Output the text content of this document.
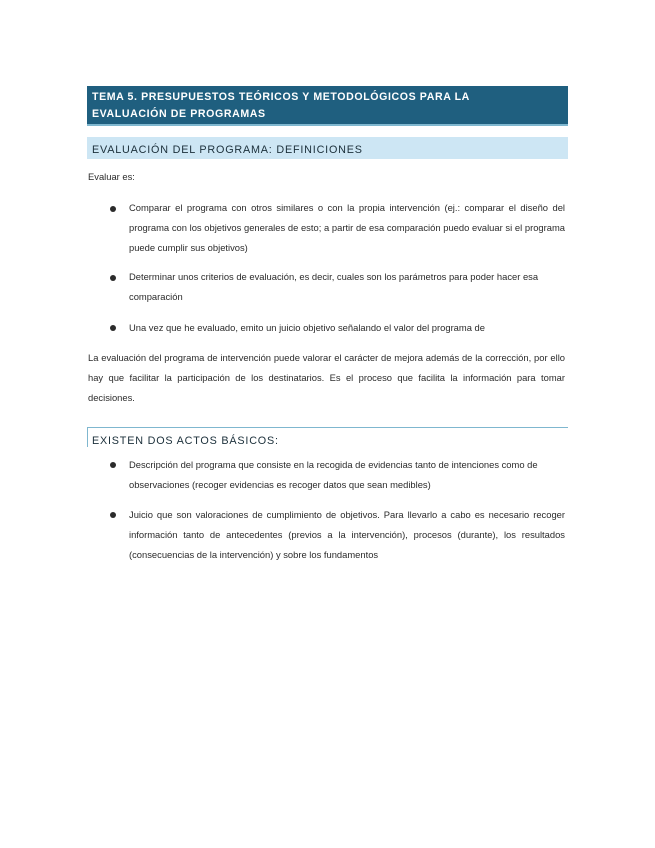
TEMA 5. PRESUPUESTOS TEÓRICOS Y METODOLÓGICOS PARA LA
EVALUACIÓN DE PROGRAMAS
EVALUACIÓN DEL PROGRAMA: DEFINICIONES

Evaluar es:

Comparar el programa con otros similares o con la propia intervención (ej.: comparar el diseño del programa con los objetivos generales de esto; a partir de esa comparación puedo evaluar si el programa puede cumplir sus objetivos)

Determinar unos criterios de evaluación, es decir, cuales son los parámetros para poder hacer esa comparación

Una vez que he evaluado, emito un juicio objetivo señalando el valor del programa de

La evaluación del programa de intervención puede valorar el carácter de mejora además de la corrección, por ello hay que facilitar la participación de los destinatarios. Es el proceso que facilita la información para tomar decisiones.

EXISTEN DOS ACTOS BÁSICOS:

Descripción del programa que consiste en la recogida de evidencias tanto de intenciones como de observaciones (recoger evidencias es recoger datos que sean medibles)

Juicio que son valoraciones de cumplimiento de objetivos. Para llevarlo a cabo es necesario recoger información tanto de antecedentes (previos a la intervención), procesos (durante), los resultados (consecuencias de la intervención) y sobre los fundamentos
